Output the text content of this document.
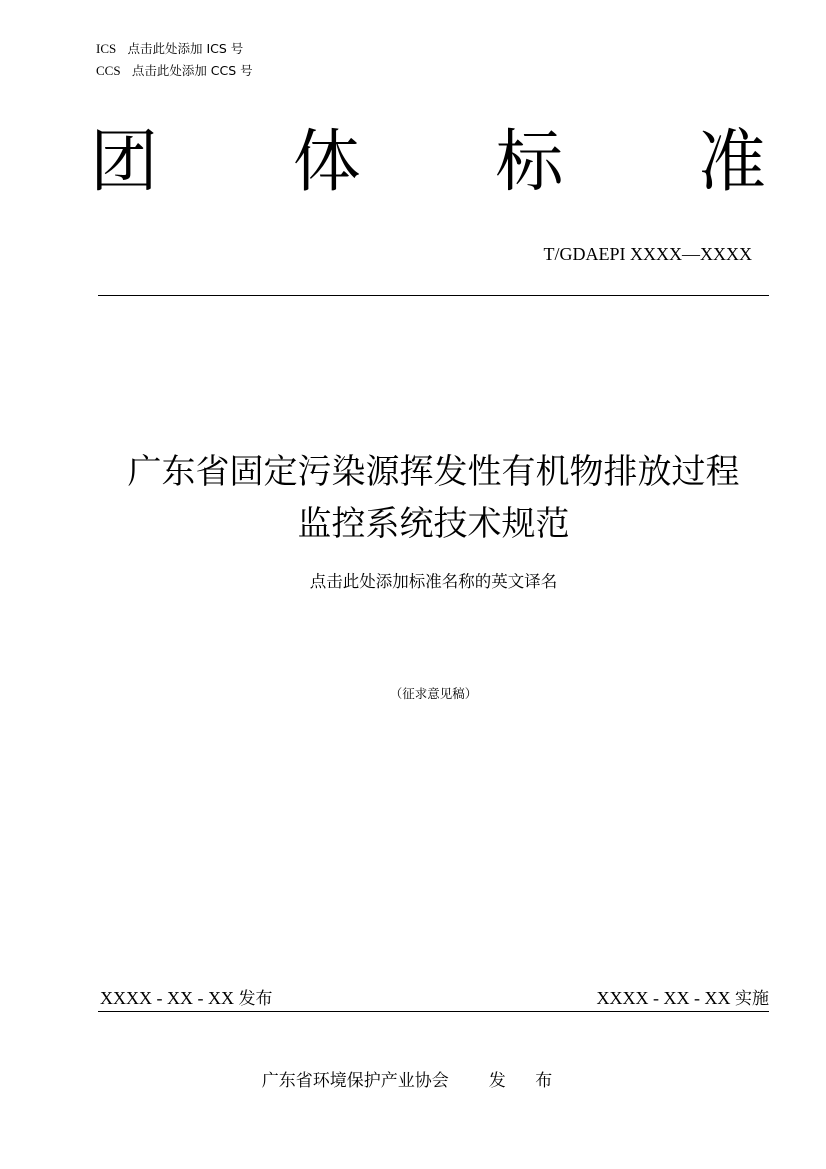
ICS 点击此处添加 ICS 号
CCS 点击此处添加 CCS 号
团 体 标 准
T/GDAEPI XXXX—XXXX
广东省固定污染源挥发性有机物排放过程
监控系统技术规范
点击此处添加标准名称的英文译名
（征求意见稿）
XXXX - XX - XX 发布	XXXX - XX - XX 实施
广东省环境保护产业协会 发 布
